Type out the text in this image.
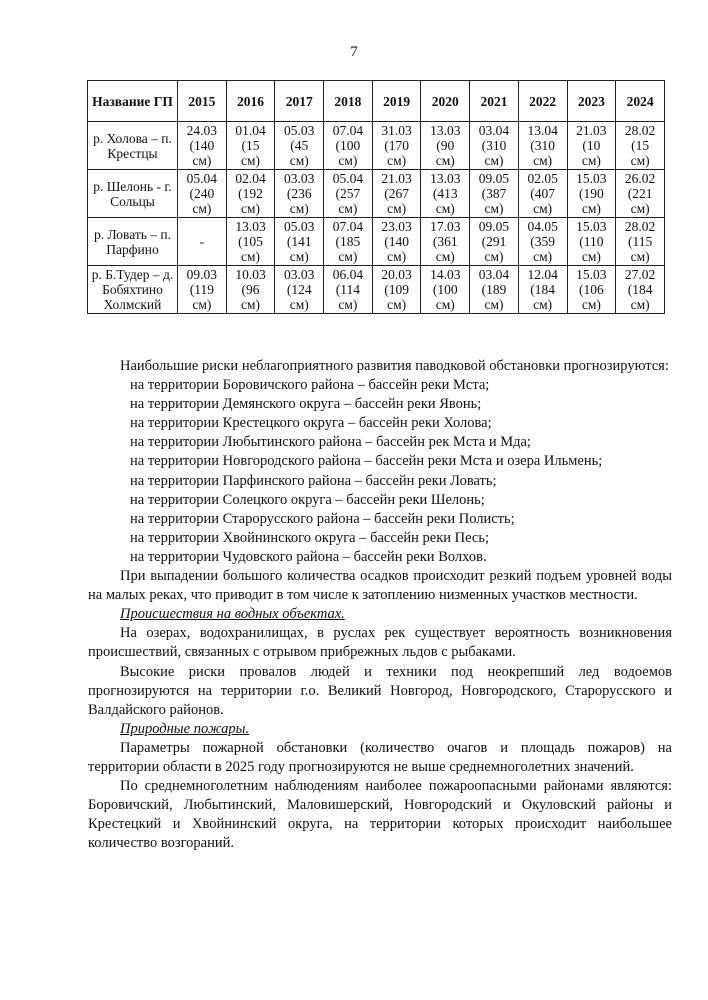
7
Название ГП	2015	2016	2017	2018	2019	2020	2021	2022	2023	2024
р. Холова – п. Крестцы	24.03
(140
см)	01.04
(15
см)	05.03
(45
см)	07.04
(100
см)	31.03
(170
см)	13.03
(90
см)	03.04
(310
см)	13.04
(310
см)	21.03
(10
см)	28.02
(15
см)

р. Шелонь - г. Сольцы	05.04
(240
см)	02.04
(192
см)	03.03
(236
см)	05.04
(257
см)	21.03
(267
см)	13.03
(413
см)	09.05
(387
см)	02.05
(407
см)	15.03
(190
см)	26.02
(221
см)

р. Ловать – п. Парфино	-	13.03
(105
см)	05.03
(141
см)	07.04
(185
см)	23.03
(140
см)	17.03
(361
см)	09.05
(291
см)	04.05
(359
см)	15.03
(110
см)	28.02
(115
см)

р. Б.Тудер – д. Бобяхтино Холмский	09.03
(119
см)	10.03
(96
см)	03.03
(124
см)	06.04
(114
см)	20.03
(109
см)	14.03
(100
см)	03.04
(189
см)	12.04
(184
см)	15.03
(106
см)	27.02
(184
см)

Наибольшие риски неблагоприятного развития паводковой обстановки прогнозируются:

на территории Боровичского района – бассейн реки Мста;
на территории Демянского округа – бассейн реки Явонь;
на территории Крестецкого округа – бассейн реки Холова;
на территории Любытинского района – бассейн рек Мста и Мда;
на территории Новгородского района – бассейн реки Мста и озера Ильмень;
на территории Парфинского района – бассейн реки Ловать;
на территории Солецкого округа – бассейн реки Шелонь;
на территории Старорусского района – бассейн реки Полисть;
на территории Хвойнинского округа – бассейн реки Песь;
на территории Чудовского района – бассейн реки Волхов.

При выпадении большого количества осадков происходит резкий подъем уровней воды на малых реках, что приводит в том числе к затоплению низменных участков местности.

Происшествия на водных объектах.

На озерах, водохранилищах, в руслах рек существует вероятность возникновения происшествий, связанных с отрывом прибрежных льдов с рыбаками.

Высокие риски провалов людей и техники под неокрепший лед водоемов прогнозируются на территории г.о. Великий Новгород, Новгородского, Старорусского и Валдайского районов.

Природные пожары.

Параметры пожарной обстановки (количество очагов и площадь пожаров) на территории области в 2025 году прогнозируются не выше среднемноголетних значений.

По среднемноголетним наблюдениям наиболее пожароопасными районами являются: Боровичский, Любытинский, Маловишерский, Новгородский и Окуловский районы и Крестецкий и Хвойнинский округа, на территории которых происходит наибольшее количество возгораний.
